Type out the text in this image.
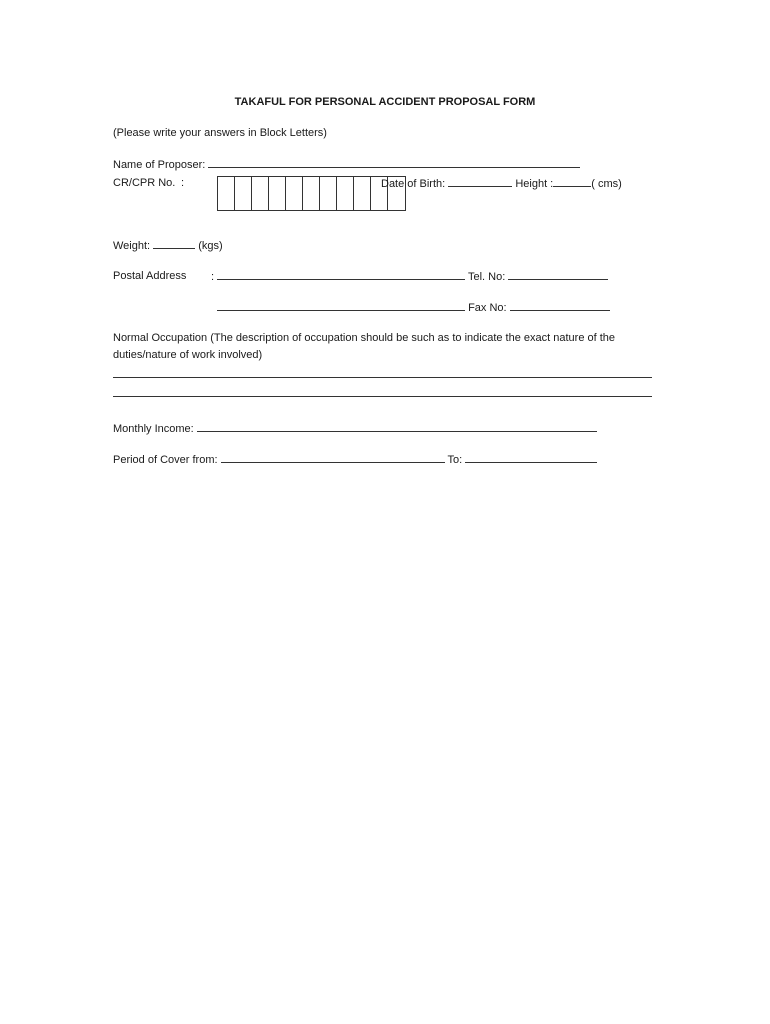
TAKAFUL FOR PERSONAL ACCIDENT PROPOSAL FORM
(Please write your answers in Block Letters)
Name of Proposer:
CR/CPR No. :	Date of Birth:	Height :	( cms)
Weight:	(kgs)
Postal Address :	Tel. No:
Fax No:
Normal Occupation (The description of occupation should be such as to indicate the exact nature of the
duties/nature of work involved)
Monthly Income:
Period of Cover from:	To:
